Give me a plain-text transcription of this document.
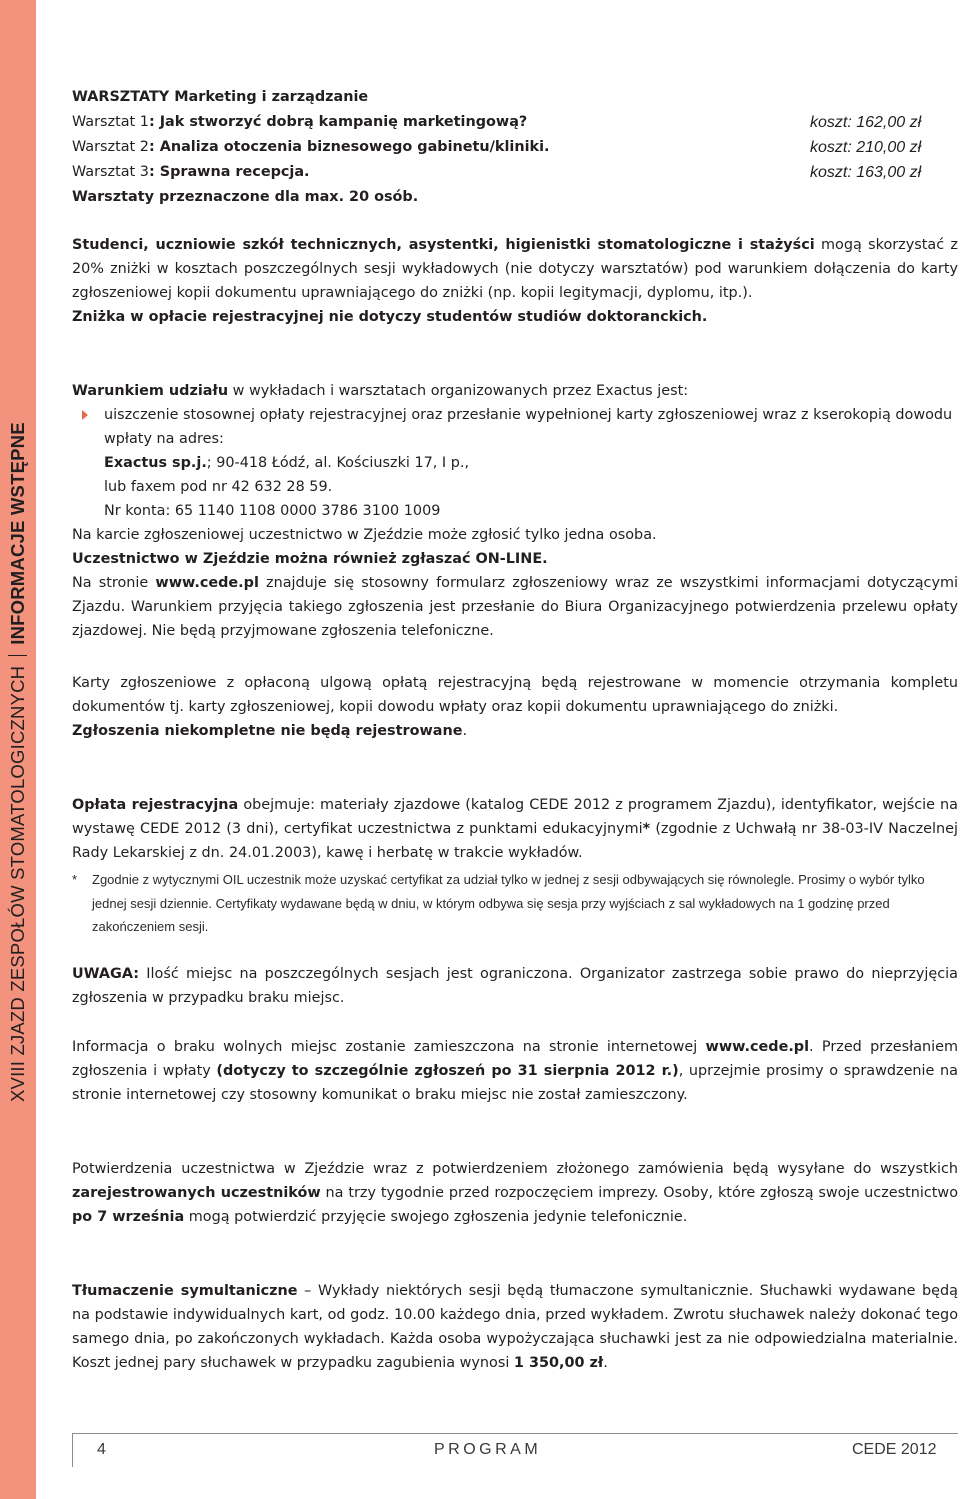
XVIII ZJAZD ZESPOŁÓW STOMATOLOGICZNYCHINFORMACJE WSTĘPNE
WARSZTATY Marketing i zarządzanie
Warsztat 1: Jak stworzyć dobrą kampanię marketingową?	koszt: 162,00 zł
Warsztat 2: Analiza otoczenia biznesowego gabinetu/kliniki.	koszt: 210,00 zł
Warsztat 3: Sprawna recepcja.	koszt: 163,00 zł
Warsztaty przeznaczone dla max. 20 osób.

Studenci, uczniowie szkół technicznych, asystentki, higienistki stomatologiczne i stażyści mogą skorzystać z 20% zniżki w kosztach poszczególnych sesji wykładowych (nie dotyczy warsztatów) pod warunkiem dołączenia do karty zgłoszeniowej kopii dokumentu uprawniającego do zniżki (np. kopii legitymacji, dyplomu, itp.).

Zniżka w opłacie rejestracyjnej nie dotyczy studentów studiów doktoranckich.

Warunkiem udziału w wykładach i warsztatach organizowanych przez Exactus jest:

uiszczenie stosownej opłaty rejestracyjnej oraz przesłanie wypełnionej karty zgłoszeniowej wraz z kserokopią dowodu wpłaty na adres:

Exactus sp.j.; 90-418 Łódź, al. Kościuszki 17, I p.,

lub faxem pod nr 42 632 28 59.

Nr konta: 65 1140 1108 0000 3786 3100 1009

Na karcie zgłoszeniowej uczestnictwo w Zjeździe może zgłosić tylko jedna osoba.

Uczestnictwo w Zjeździe można również zgłaszać ON-LINE.

Na stronie www.cede.pl znajduje się stosowny formularz zgłoszeniowy wraz ze wszystkimi informacjami dotyczącymi Zjazdu. Warunkiem przyjęcia takiego zgłoszenia jest przesłanie do Biura Organizacyjnego potwierdzenia przelewu opłaty zjazdowej. Nie będą przyjmowane zgłoszenia telefoniczne.

Karty zgłoszeniowe z opłaconą ulgową opłatą rejestracyjną będą rejestrowane w momencie otrzymania kompletu dokumentów tj. karty zgłoszeniowej, kopii dowodu wpłaty oraz kopii dokumentu uprawniającego do zniżki.

Zgłoszenia niekompletne nie będą rejestrowane.

Opłata rejestracyjna obejmuje: materiały zjazdowe (katalog CEDE 2012 z programem Zjazdu), identyfikator, wejście na wystawę CEDE 2012 (3 dni), certyfikat uczestnictwa z punktami edukacyjnymi* (zgodnie z Uchwałą nr 38-03-IV Naczelnej Rady Lekarskiej z dn. 24.01.2003), kawę i herbatę w trakcie wykładów.

* Zgodnie z wytycznymi OIL uczestnik może uzyskać certyfikat za udział tylko w jednej z sesji odbywających się równolegle. Prosimy o wybór tylko jednej sesji dziennie. Certyfikaty wydawane będą w dniu, w którym odbywa się sesja przy wyjściach z sal wykładowych na 1 godzinę przed zakończeniem sesji.

UWAGA: Ilość miejsc na poszczególnych sesjach jest ograniczona. Organizator zastrzega sobie prawo do nieprzyjęcia zgłoszenia w przypadku braku miejsc.

Informacja o braku wolnych miejsc zostanie zamieszczona na stronie internetowej www.cede.pl. Przed przesłaniem zgłoszenia i wpłaty (dotyczy to szczególnie zgłoszeń po 31 sierpnia 2012 r.), uprzejmie prosimy o sprawdzenie na stronie internetowej czy stosowny komunikat o braku miejsc nie został zamieszczony.

Potwierdzenia uczestnictwa w Zjeździe wraz z potwierdzeniem złożonego zamówienia będą wysyłane do wszystkich zarejestrowanych uczestników na trzy tygodnie przed rozpoczęciem imprezy. Osoby, które zgłoszą swoje uczestnictwo po 7 września mogą potwierdzić przyjęcie swojego zgłoszenia jedynie telefonicznie.

Tłumaczenie symultaniczne – Wykłady niektórych sesji będą tłumaczone symultanicznie. Słuchawki wydawane będą na podstawie indywidualnych kart, od godz. 10.00 każdego dnia, przed wykładem. Zwrotu słuchawek należy dokonać tego samego dnia, po zakończonych wykładach. Każda osoba wypożyczająca słuchawki jest za nie odpowiedzialna materialnie. Koszt jednej pary słuchawek w przypadku zagubienia wynosi 1 350,00 zł.

4	PROGRAM	CEDE 2012
